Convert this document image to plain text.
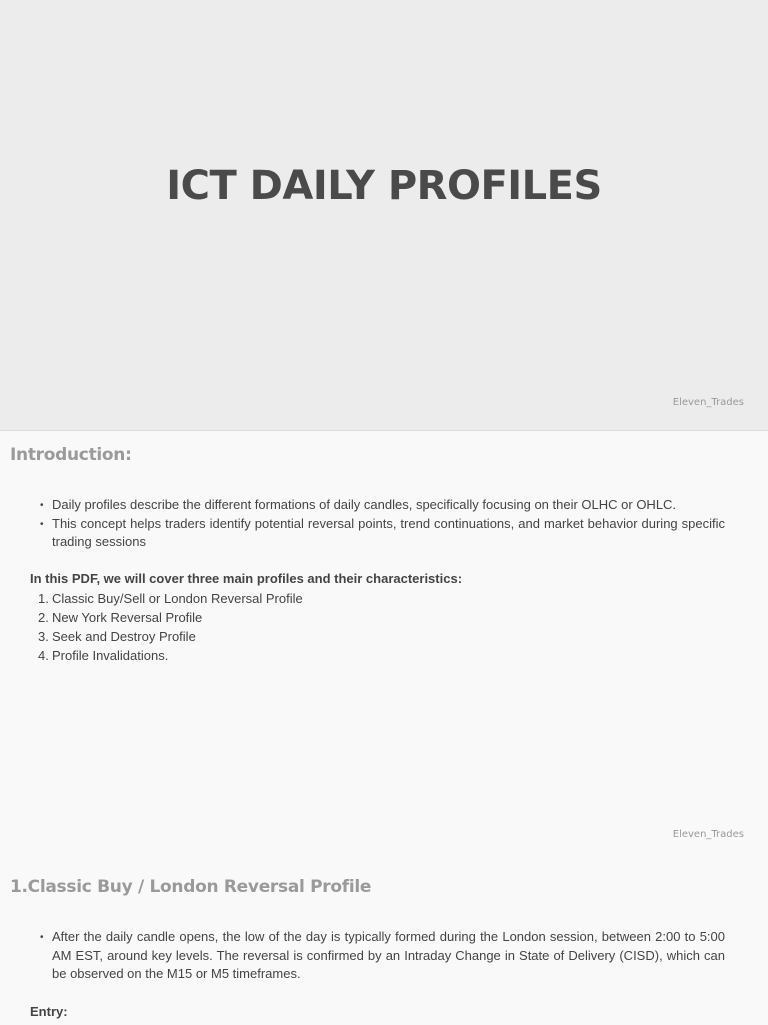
ICT DAILY PROFILES
Eleven_Trades
Introduction:
• Daily profiles describe the different formations of daily candles, specifically focusing on their OLHC or OHLC.
• This concept helps traders identify potential reversal points, trend continuations, and market behavior during specific trading sessions
In this PDF, we will cover three main profiles and their characteristics:
1. Classic Buy/Sell or London Reversal Profile
2. New York Reversal Profile
3. Seek and Destroy Profile
4. Profile Invalidations.
Eleven_Trades
1.Classic Buy / London Reversal Profile
• After the daily candle opens, the low of the day is typically formed during the London session, between 2:00 to 5:00 AM EST, around key levels. The reversal is confirmed by an Intraday Change in State of Delivery (CISD), which can be observed on the M15 or M5 timeframes.
Entry:
